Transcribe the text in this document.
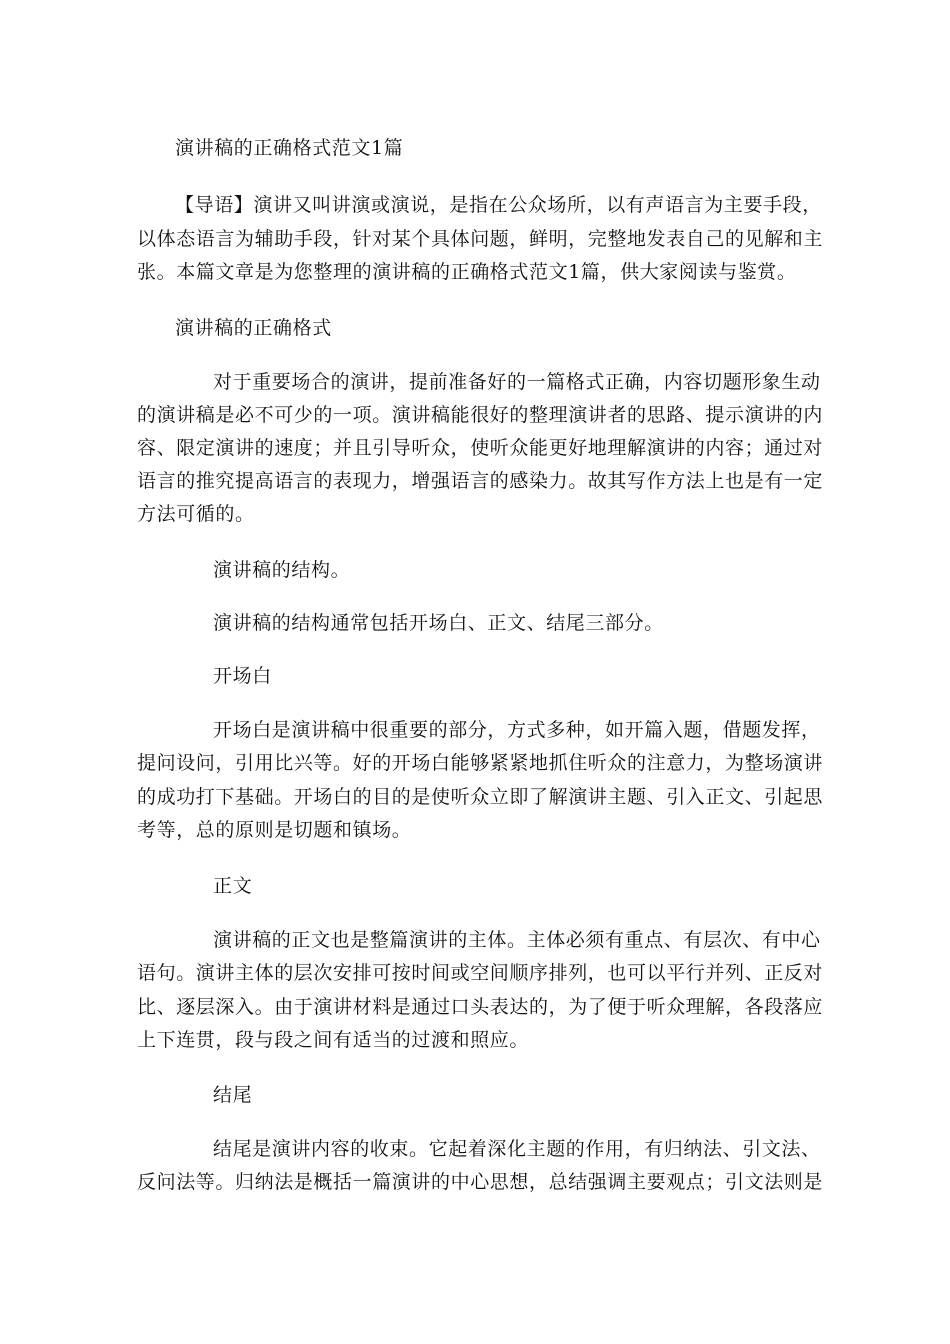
演讲稿的正确格式范文1篇
【导语】演讲又叫讲演或演说，是指在公众场所，以有声语言为主要手段，
以体态语言为辅助手段，针对某个具体问题，鲜明，完整地发表自己的见解和主
张。本篇文章是为您整理的演讲稿的正确格式范文1篇，供大家阅读与鉴赏。
演讲稿的正确格式
对于重要场合的演讲，提前准备好的一篇格式正确，内容切题形象生动
的演讲稿是必不可少的一项。演讲稿能很好的整理演讲者的思路、提示演讲的内
容、限定演讲的速度；并且引导听众，使听众能更好地理解演讲的内容；通过对
语言的推究提高语言的表现力，增强语言的感染力。故其写作方法上也是有一定
方法可循的。
演讲稿的结构。
演讲稿的结构通常包括开场白、正文、结尾三部分。
开场白
开场白是演讲稿中很重要的部分，方式多种，如开篇入题，借题发挥，
提问设问，引用比兴等。好的开场白能够紧紧地抓住听众的注意力，为整场演讲
的成功打下基础。开场白的目的是使听众立即了解演讲主题、引入正文、引起思
考等，总的原则是切题和镇场。
正文
演讲稿的正文也是整篇演讲的主体。主体必须有重点、有层次、有中心
语句。演讲主体的层次安排可按时间或空间顺序排列，也可以平行并列、正反对
比、逐层深入。由于演讲材料是通过口头表达的，为了便于听众理解，各段落应
上下连贯，段与段之间有适当的过渡和照应。
结尾
结尾是演讲内容的收束。它起着深化主题的作用，有归纳法、引文法、
反问法等。归纳法是概括一篇演讲的中心思想，总结强调主要观点；引文法则是
